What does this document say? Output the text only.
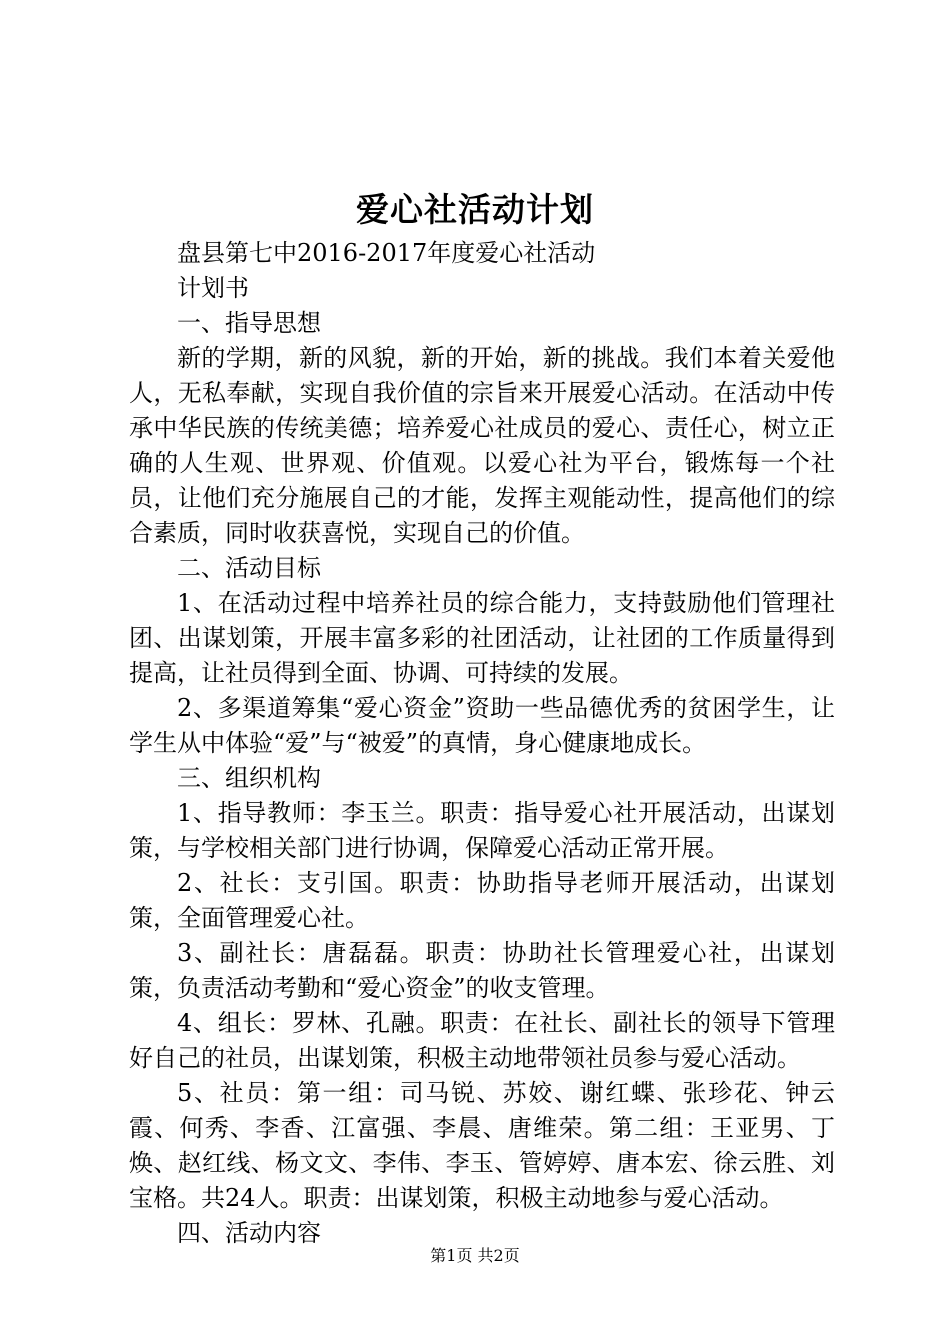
爱心社活动计划

盘县第七中2016-2017年度爱心社活动

计划书

一、指导思想

新的学期，新的风貌，新的开始，新的挑战。我们本着关爱他人，无私奉献，实现自我价值的宗旨来开展爱心活动。在活动中传承中华民族的传统美德；培养爱心社成员的爱心、责任心，树立正确的人生观、世界观、价值观。以爱心社为平台，锻炼每一个社员，让他们充分施展自己的才能，发挥主观能动性，提高他们的综合素质，同时收获喜悦，实现自己的价值。

二、活动目标

1、在活动过程中培养社员的综合能力，支持鼓励他们管理社团、出谋划策，开展丰富多彩的社团活动，让社团的工作质量得到提高，让社员得到全面、协调、可持续的发展。

2、多渠道筹集“爱心资金”资助一些品德优秀的贫困学生，让学生从中体验“爱”与“被爱”的真情，身心健康地成长。

三、组织机构

1、指导教师：李玉兰。职责：指导爱心社开展活动，出谋划策，与学校相关部门进行协调，保障爱心活动正常开展。

2、社长：支引国。职责：协助指导老师开展活动，出谋划策，全面管理爱心社。

3、副社长：唐磊磊。职责：协助社长管理爱心社，出谋划策，负责活动考勤和“爱心资金”的收支管理。

4、组长：罗林、孔融。职责：在社长、副社长的领导下管理好自己的社员，出谋划策，积极主动地带领社员参与爱心活动。

5、社员：第一组：司马锐、苏姣、谢红蝶、张珍花、钟云霞、何秀、李香、江富强、李晨、唐维荣。第二组：王亚男、丁焕、赵红线、杨文文、李伟、李玉、管婷婷、唐本宏、徐云胜、刘宝格。共24人。职责：出谋划策，积极主动地参与爱心活动。

四、活动内容

第1页 共2页
